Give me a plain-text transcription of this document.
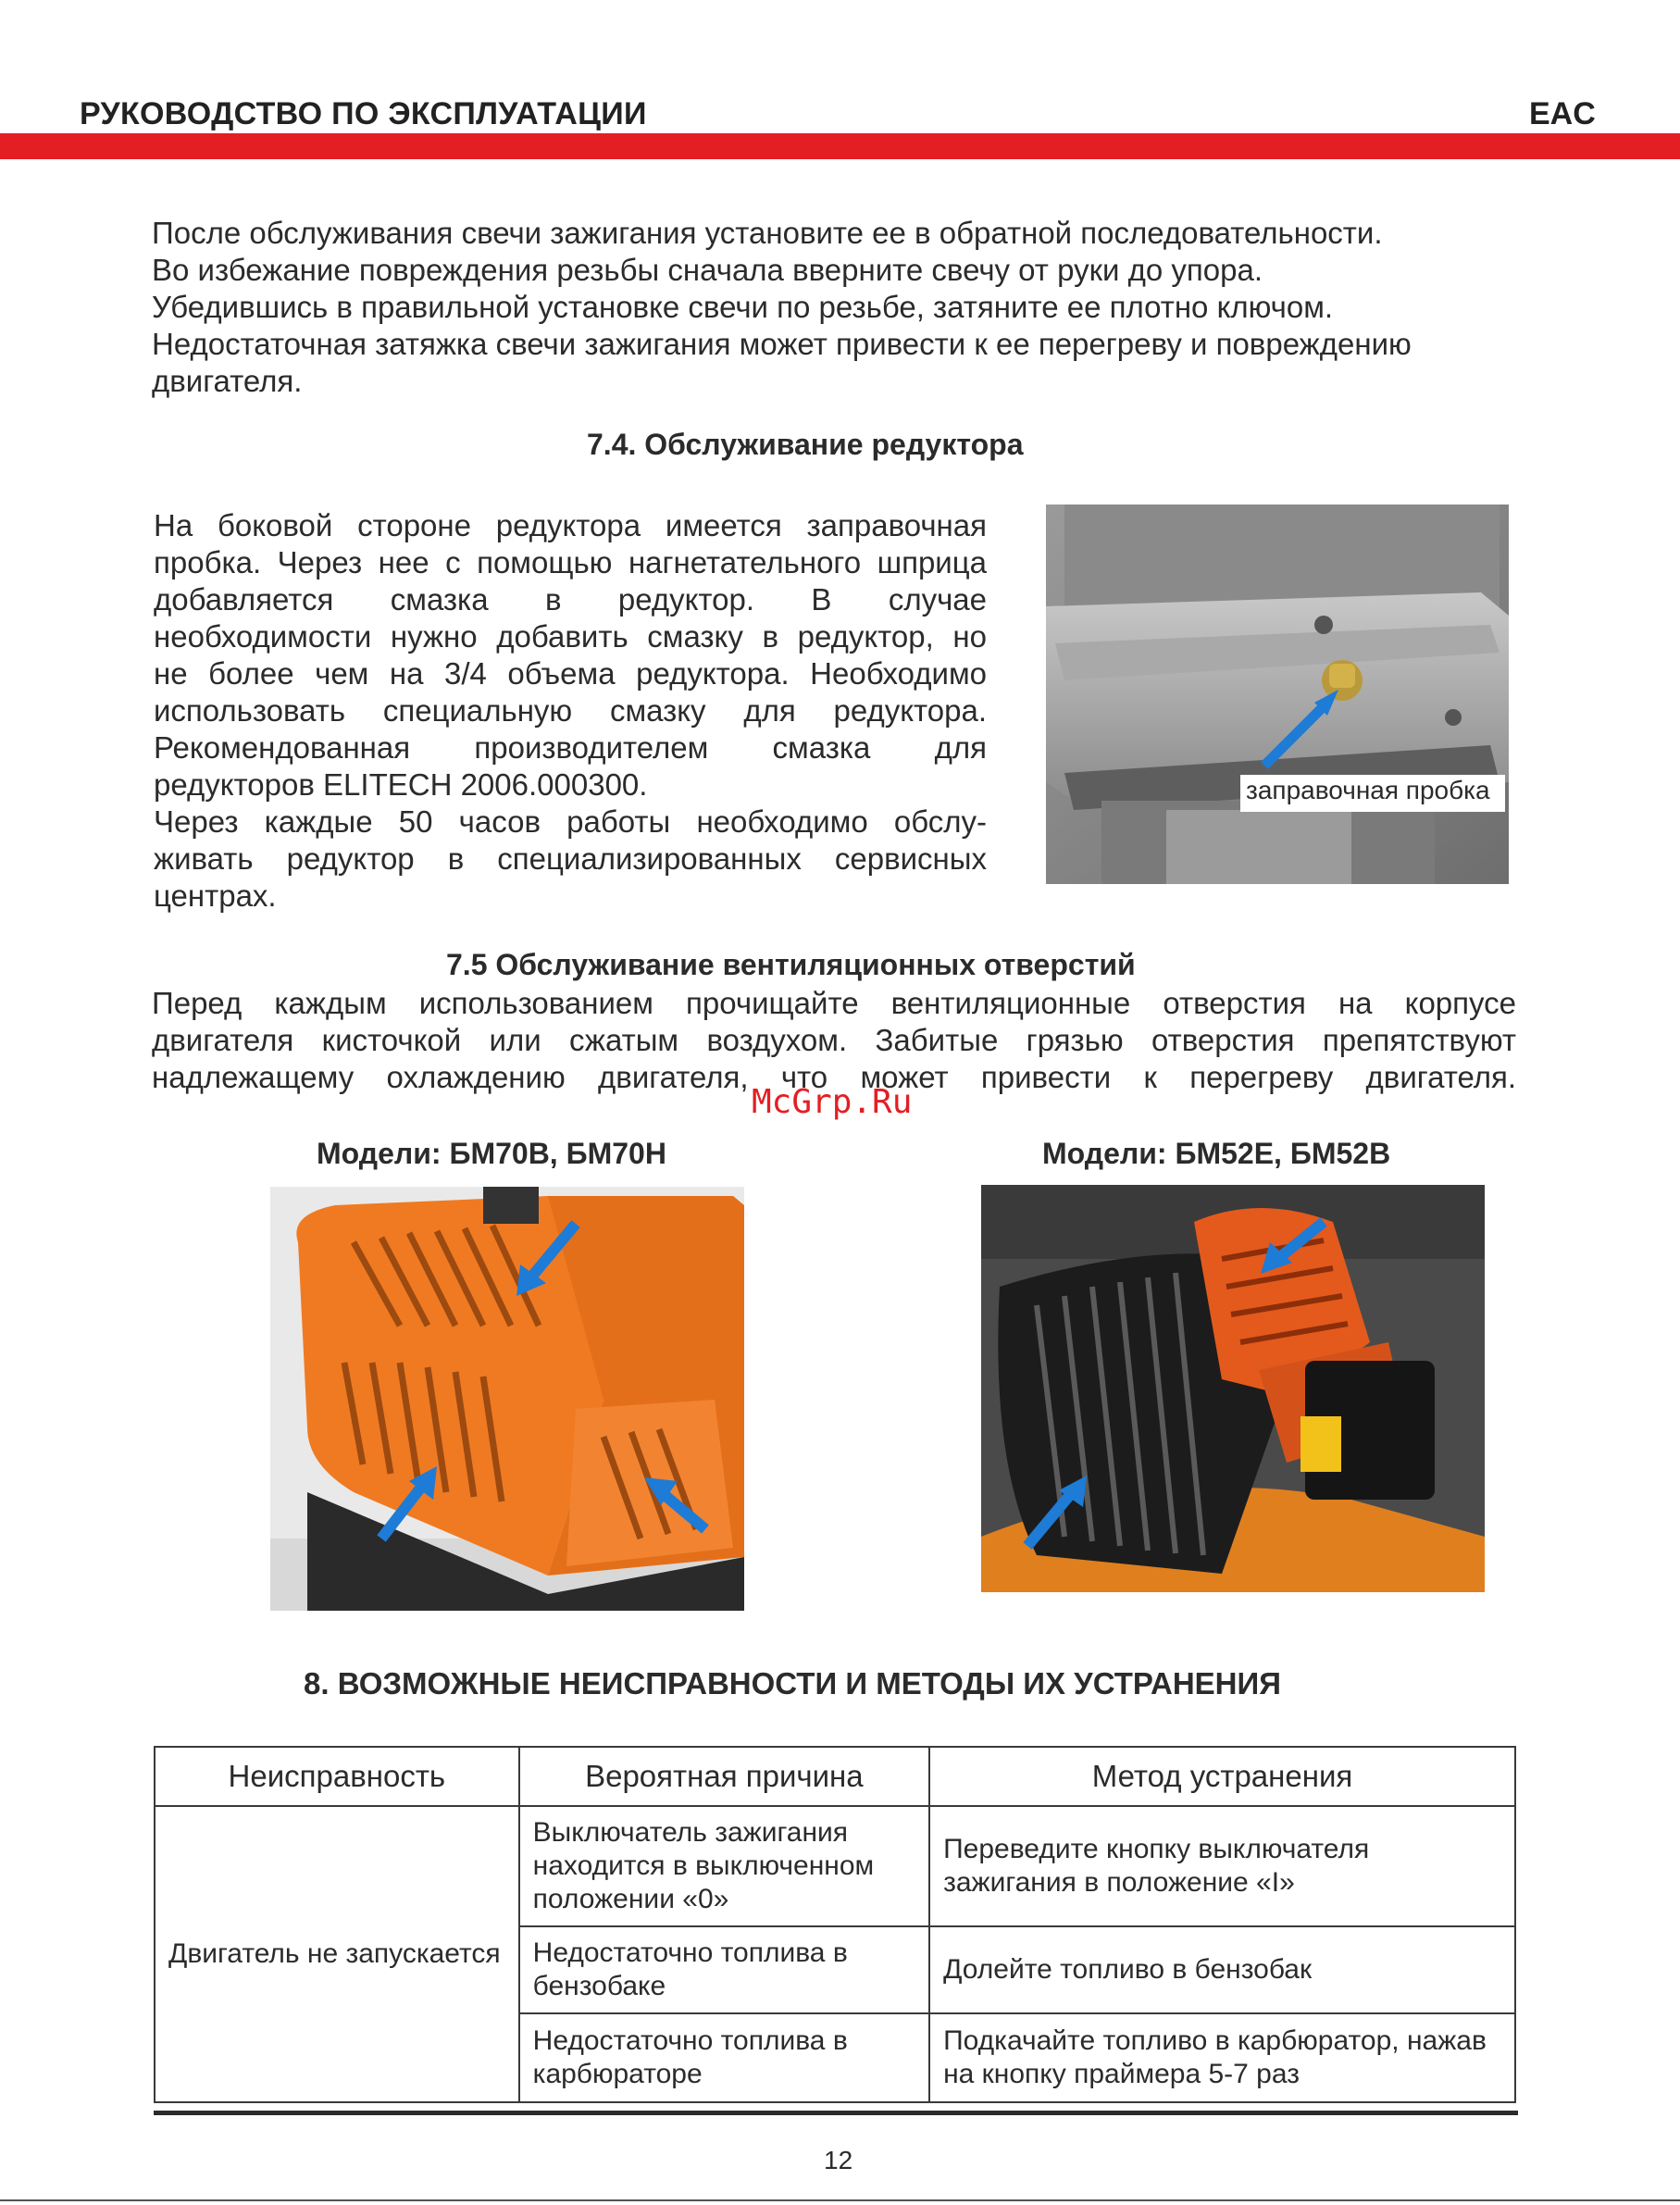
РУКОВОДСТВО ПО ЭКСПЛУАТАЦИИ	EAC

После обслуживания свечи зажигания установите ее в обратной последовательности.

Во избежание повреждения резьбы сначала вверните свечу от руки до упора.

Убедившись в правильной установке свечи по резьбе, затяните ее плотно ключом.

Недостаточная затяжка свечи зажигания может привести к ее перегреву и повреждению

двигателя.

7.4. Обслуживание редуктора

На боковой стороне редуктора имеется заправочная

пробка. Через нее с помощью нагнетательного шприца

добавляется смазка в редуктор. В случае

необходимости нужно добавить смазку в редуктор, но

не более чем на 3/4 объема редуктора. Необходимо

использовать специальную смазку для редуктора.

Рекомендованная производителем смазка для

редукторов ELITECH 2006.000300.

Через каждые 50 часов работы необходимо обслу-

живать редуктор в специализированных сервисных

центрах.

заправочная пробка
7.5 Обслуживание вентиляционных отверстий

Перед каждым использованием прочищайте вентиляционные отверстия на корпусе

двигателя кисточкой или сжатым воздухом. Забитые грязью отверстия препятствуют

надлежащему охлаждению двигателя, что может привести к перегреву двигателя.

McGrp.Ru
Модели: БМ70В, БМ70Н	Модели: БМ52Е, БМ52В
8. ВОЗМОЖНЫЕ НЕИСПРАВНОСТИ И МЕТОДЫ ИХ УСТРАНЕНИЯ
Неисправность	Вероятная причина	Метод устранения
Двигатель не запускается	Выключатель зажигания находится в выключенном положении «0»	Переведите кнопку выключателя зажигания в положение «I»
	Недостаточно топлива в бензобаке	Долейте топливо в бензобак
	Недостаточно топлива в карбюраторе	Подкачайте топливо в карбюратор, нажав на кнопку праймера 5-7 раз
12
